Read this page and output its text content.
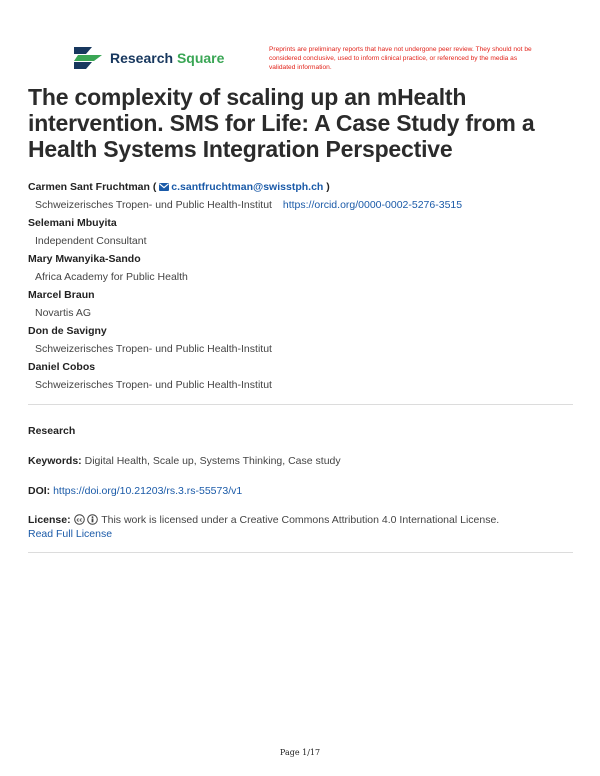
Research Square
Preprints are preliminary reports that have not undergone peer review. They should not be considered conclusive, used to inform clinical practice, or referenced by the media as validated information.
The complexity of scaling up an mHealth intervention. SMS for Life: A Case Study from a Health Systems Integration Perspective
Carmen Sant Fruchtman ( c.santfruchtman@swisstph.ch )
Schweizerisches Tropen- und Public Health-Institut https://orcid.org/0000-0002-5276-3515
Selemani Mbuyita
Independent Consultant
Mary Mwanyika-Sando
Africa Academy for Public Health
Marcel Braun
Novartis AG
Don de Savigny
Schweizerisches Tropen- und Public Health-Institut
Daniel Cobos
Schweizerisches Tropen- und Public Health-Institut
Research
Keywords: Digital Health, Scale up, Systems Thinking, Case study
DOI: https://doi.org/10.21203/rs.3.rs-55573/v1
License: cc This work is licensed under a Creative Commons Attribution 4.0 International License.
Read Full License
Page 1/17
